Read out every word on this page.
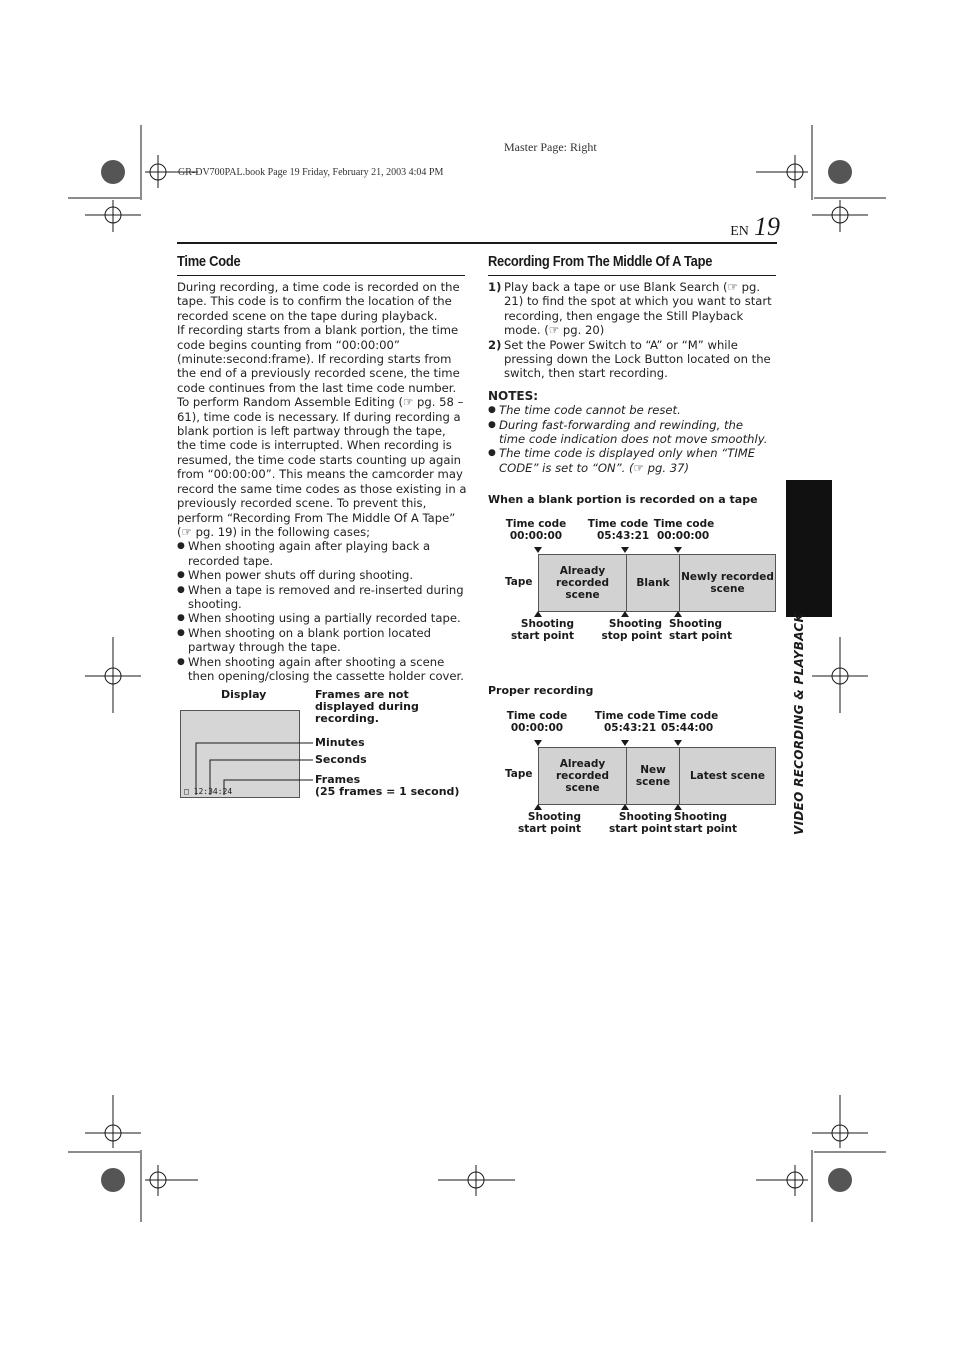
Master Page: Right
GR-DV700PAL.book Page 19 Friday, February 21, 2003 4:04 PM
EN 19
VIDEO RECORDING & PLAYBACK
Time Code

During recording, a time code is recorded on the tape. This code is to confirm the location of the recorded scene on the tape during playback.

If recording starts from a blank portion, the time code begins counting from “00:00:00” (minute:second:frame). If recording starts from the end of a previously recorded scene, the time code continues from the last time code number.

To perform Random Assemble Editing (☞ pg. 58 – 61), time code is necessary. If during recording a blank portion is left partway through the tape, the time code is interrupted. When recording is resumed, the time code starts counting up again from “00:00:00”. This means the camcorder may record the same time codes as those existing in a previously recorded scene. To prevent this, perform “Recording From The Middle Of A Tape” (☞ pg. 19) in the following cases;

● When shooting again after playing back a recorded tape.
● When power shuts off during shooting.
● When a tape is removed and re-inserted during shooting.
● When shooting using a partially recorded tape.
● When shooting on a blank portion located partway through the tape.
● When shooting again after shooting a scene then opening/closing the cassette holder cover.
Display	Frames are not displayed during recording.
□ 12:34:24
Minutes
Seconds
Frames
(25 frames = 1 second)
Recording From The Middle Of A Tape
1) Play back a tape or use Blank Search (☞ pg. 21) to find the spot at which you want to start recording, then engage the Still Playback mode. (☞ pg. 20)
2) Set the Power Switch to “A” or “M” while pressing down the Lock Button located on the switch, then start recording.
NOTES:
● The time code cannot be reset.
● During fast-forwarding and rewinding, the time code indication does not move smoothly.
● The time code is displayed only when “TIME CODE” is set to “ON”. (☞ pg. 37)
When a blank portion is recorded on a tape
Time code
00:00:00
Time code
05:43:21
Time code
00:00:00
Tape
Already recorded scene
Blank	Newly recorded scene
Shooting start point
Shooting stop point
Shooting start point
Proper recording
Time code
00:00:00
Time code
05:43:21
Time code
05:44:00
Tape
Already recorded scene
New scene	Latest scene
Shooting start point
Shooting start point
Shooting start point
